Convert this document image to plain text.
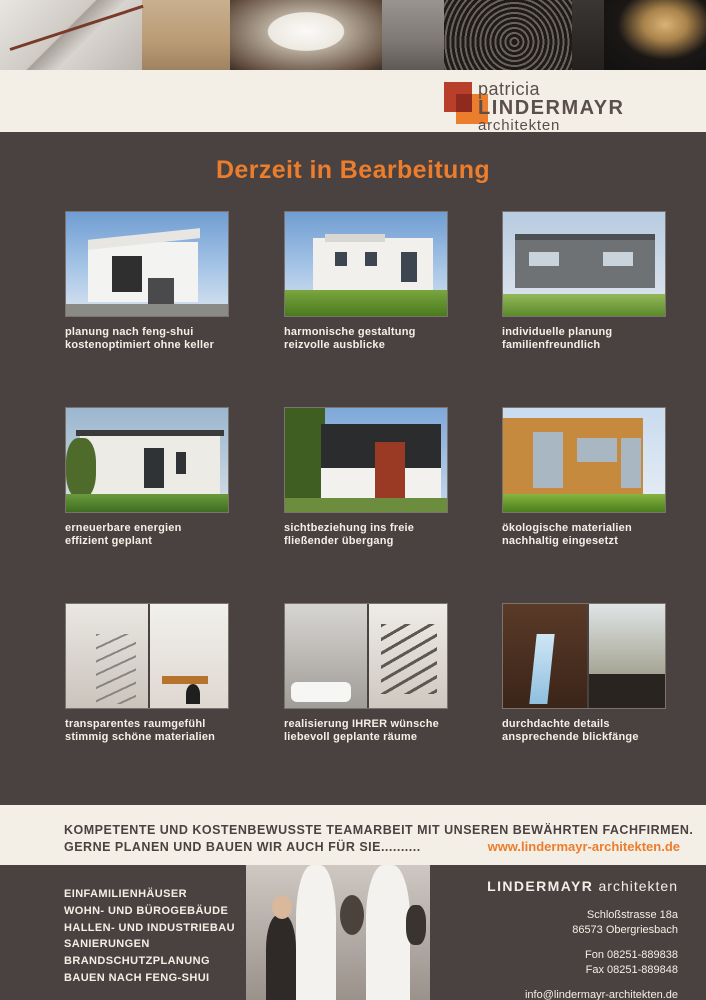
patricia
LINDERMAYR
architekten
Derzeit in Bearbeitung
planung nach feng-shui
kostenoptimiert ohne keller
harmonische gestaltung
reizvolle ausblicke
individuelle planung
familienfreundlich
erneuerbare energien
effizient geplant
sichtbeziehung ins freie
fließender übergang
ökologische materialien
nachhaltig eingesetzt
transparentes raumgefühl
stimmig schöne materialien
realisierung IHRER wünsche
liebevoll geplante räume
durchdachte details
ansprechende blickfänge
KOMPETENTE UND KOSTENBEWUSSTE TEAMARBEIT MIT UNSEREN BEWÄHRTEN FACHFIRMEN.
GERNE PLANEN UND BAUEN WIR AUCH FÜR SIE..........	www.lindermayr-architekten.de
EINFAMILIENHÄUSER
WOHN- UND BÜROGEBÄUDE
HALLEN- UND INDUSTRIEBAU
SANIERUNGEN
BRANDSCHUTZPLANUNG
BAUEN NACH FENG-SHUI
LINDERMAYR architekten
Schloßstrasse 18a
86573 Obergriesbach
Fon 08251-889838
Fax 08251-889848
info@lindermayr-architekten.de
